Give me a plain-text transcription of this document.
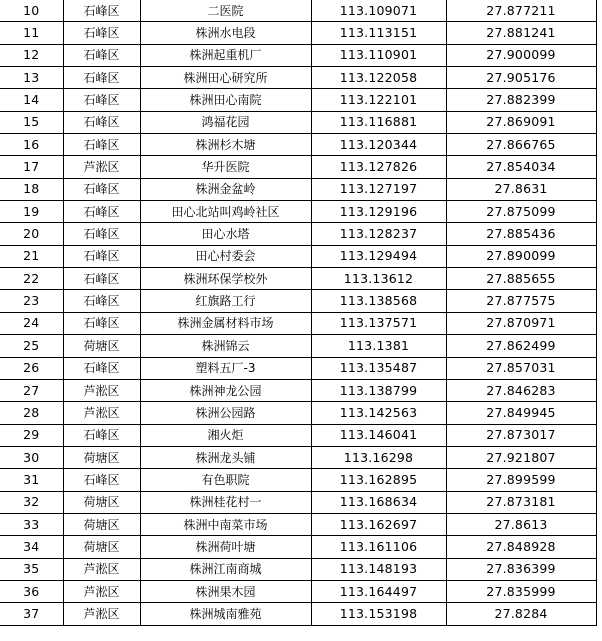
10	石峰区	二医院	113.109071	27.877211
11	石峰区	株洲水电段	113.113151	27.881241
12	石峰区	株洲起重机厂	113.110901	27.900099
13	石峰区	株洲田心研究所	113.122058	27.905176
14	石峰区	株洲田心南院	113.122101	27.882399
15	石峰区	鸿福花园	113.116881	27.869091
16	石峰区	株洲杉木塘	113.120344	27.866765
17	芦淞区	华升医院	113.127826	27.854034
18	石峰区	株洲金盆岭	113.127197	27.8631
19	石峰区	田心北站叫鸡岭社区	113.129196	27.875099
20	石峰区	田心水塔	113.128237	27.885436
21	石峰区	田心村委会	113.129494	27.890099
22	石峰区	株洲环保学校外	113.13612	27.885655
23	石峰区	红旗路工行	113.138568	27.877575
24	石峰区	株洲金属材料市场	113.137571	27.870971
25	荷塘区	株洲锦云	113.1381	27.862499
26	石峰区	塑料五厂-3	113.135487	27.857031
27	芦淞区	株洲神龙公园	113.138799	27.846283
28	芦淞区	株洲公园路	113.142563	27.849945
29	石峰区	湘火炬	113.146041	27.873017
30	荷塘区	株洲龙头铺	113.16298	27.921807
31	石峰区	有色职院	113.162895	27.899599
32	荷塘区	株洲桂花村一	113.168634	27.873181
33	荷塘区	株洲中南菜市场	113.162697	27.8613
34	荷塘区	株洲荷叶塘	113.161106	27.848928
35	芦淞区	株洲江南商城	113.148193	27.836399
36	芦淞区	株洲果木园	113.164497	27.835999
37	芦淞区	株洲城南雅苑	113.153198	27.8284
